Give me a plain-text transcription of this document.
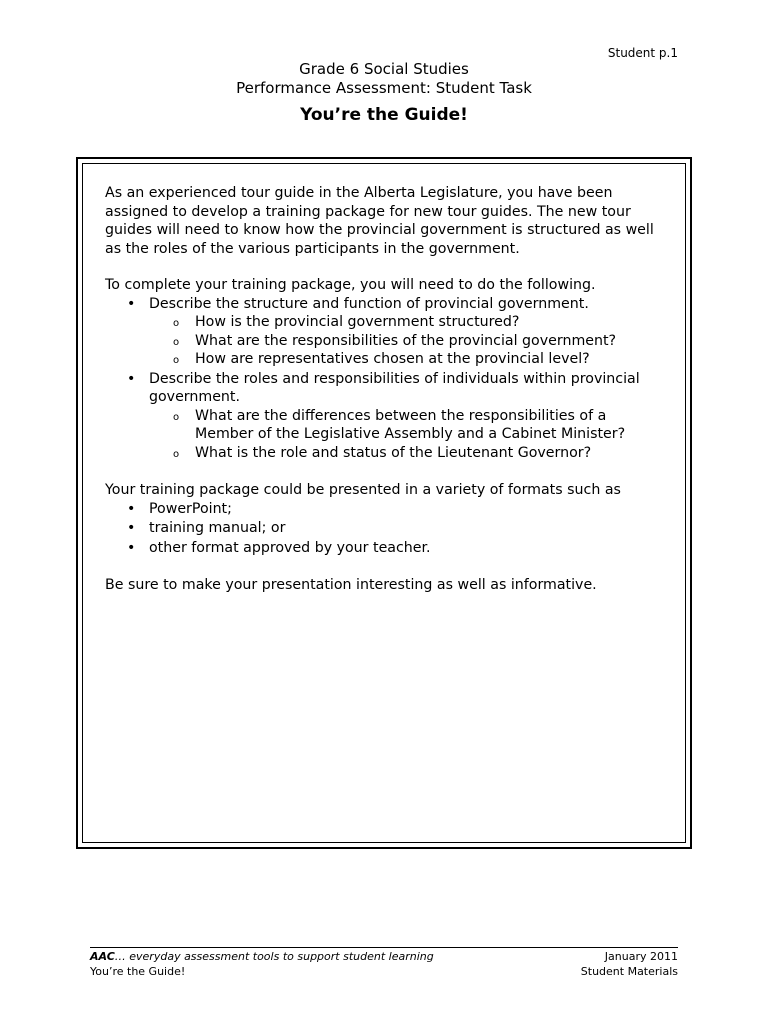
Student p.1
Grade 6 Social Studies
Performance Assessment: Student Task
You’re the Guide!

As an experienced tour guide in the Alberta Legislature, you have been assigned to develop a training package for new tour guides. The new tour guides will need to know how the provincial government is structured as well as the roles of the various participants in the government.

To complete your training package, you will need to do the following.

• Describe the structure and function of provincial government.
o How is the provincial government structured?
o What are the responsibilities of the provincial government?
o How are representatives chosen at the provincial level?
• Describe the roles and responsibilities of individuals within provincial government.
o What are the differences between the responsibilities of a Member of the Legislative Assembly and a Cabinet Minister?
o What is the role and status of the Lieutenant Governor?

Your training package could be presented in a variety of formats such as

• PowerPoint;
• training manual; or
• other format approved by your teacher.

Be sure to make your presentation interesting as well as informative.

AAC… everyday assessment tools to support student learning
You’re the Guide!
January 2011
Student Materials
